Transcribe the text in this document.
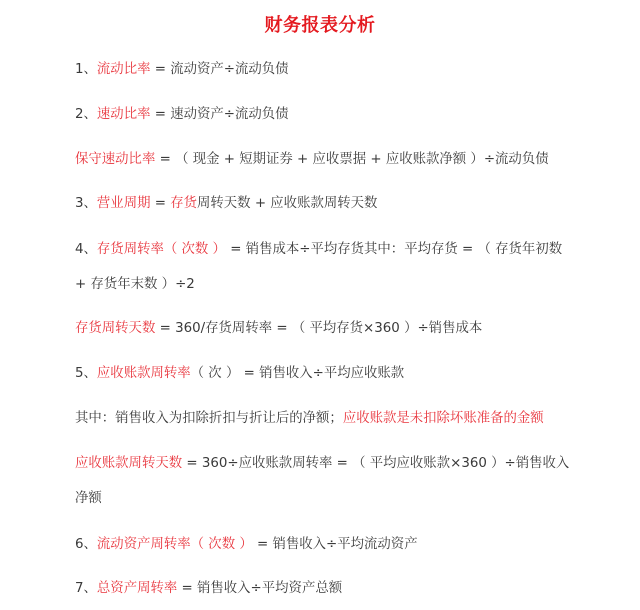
财务报表分析
1、流动比率 = 流动资产÷流动负债
2、速动比率 = 速动资产÷流动负债
保守速动比率 = （ 现金 + 短期证券 + 应收票据 + 应收账款净额 ）÷流动负债
3、营业周期 = 存货周转天数 + 应收账款周转天数
4、存货周转率（ 次数 ） = 销售成本÷平均存货其中：平均存货 = （ 存货年初数
+ 存货年末数 ）÷2
存货周转天数 = 360/存货周转率 = （ 平均存货×360 ）÷销售成本
5、应收账款周转率（ 次 ） = 销售收入÷平均应收账款
其中：销售收入为扣除折扣与折让后的净额；应收账款是未扣除坏账准备的金额
应收账款周转天数 = 360÷应收账款周转率 = （ 平均应收账款×360 ）÷销售收入
净额
6、流动资产周转率（ 次数 ） = 销售收入÷平均流动资产
7、总资产周转率 = 销售收入÷平均资产总额
